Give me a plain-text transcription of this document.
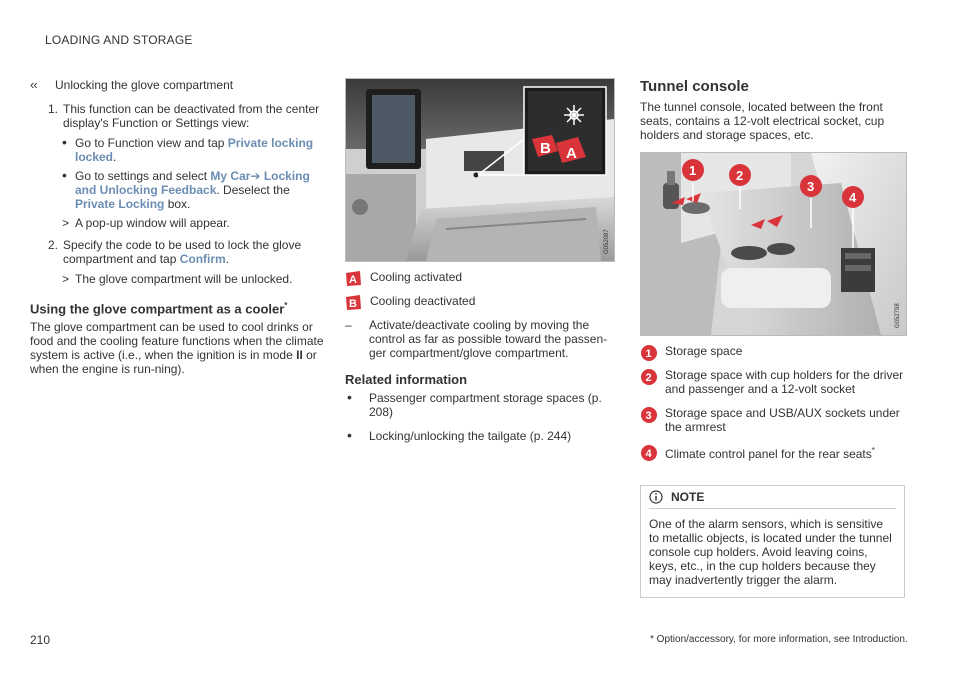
LOADING AND STORAGE
‹‹ Unlocking the glove compartment
1. This function can be deactivated from the center display's Function or Settings view:
• Go to Function view and tap Private locking locked.
• Go to settings and select My Car➔ Locking and Unlocking Feedback. Deselect the Private Locking box.
> A pop-up window will appear.
2. Specify the code to be used to lock the glove compartment and tap Confirm.
> The glove compartment will be unlocked.
Using the glove compartment as a cooler*

The glove compartment can be used to cool drinks or food and the cooling feature functions when the climate system is active (i.e., when the ignition is in mode II or when the engine is run-ning).

B A
G052087
A Cooling activated
B Cooling deactivated
– Activate/deactivate cooling by moving the control as far as possible toward the passen-ger compartment/glove compartment.
Related information
• Passenger compartment storage spaces (p. 208)
• Locking/unlocking the tailgate (p. 244)
Tunnel console

The tunnel console, located between the front seats, contains a 12-volt electrical socket, cup holders and storage spaces, etc.

1	2
3
4
G052798
1 Storage space
2 Storage space with cup holders for the driver and passenger and a 12-volt socket
3 Storage space and USB/AUX sockets under the armrest
4 Climate control panel for the rear seats*
NOTE
One of the alarm sensors, which is sensitive to metallic objects, is located under the tunnel console cup holders. Avoid leaving coins, keys, etc., in the cup holders because they may inadvertently trigger the alarm.
210	* Option/accessory, for more information, see Introduction.
